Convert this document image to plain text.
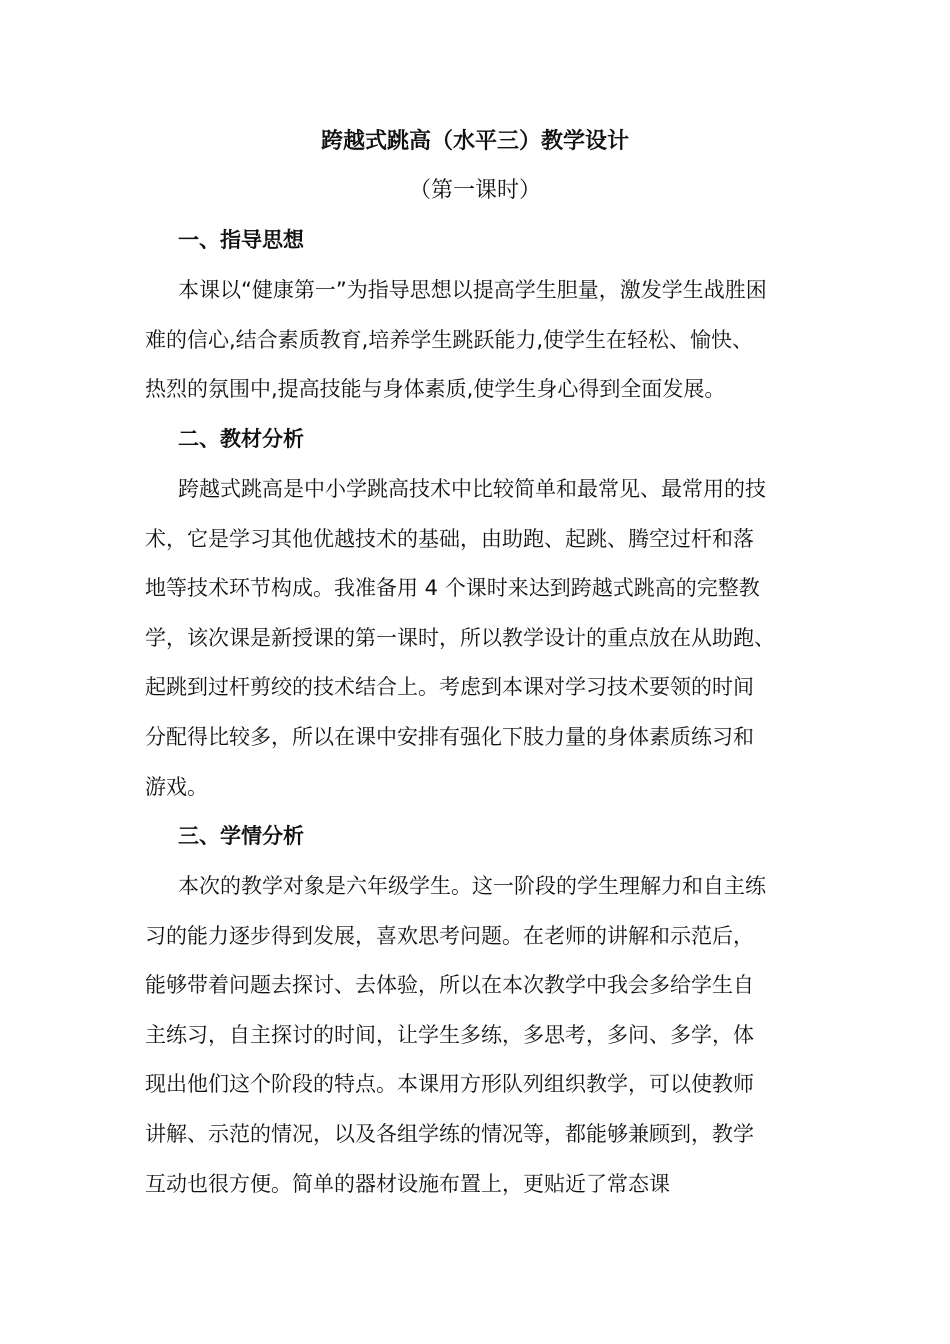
跨越式跳高（水平三）教学设计
（第一课时）
一、指导思想
本课以“健康第一”为指导思想以提高学生胆量，激发学生战胜困
难的信心,结合素质教育,培养学生跳跃能力,使学生在轻松、愉快、
热烈的氛围中,提高技能与身体素质,使学生身心得到全面发展。
二、教材分析
跨越式跳高是中小学跳高技术中比较简单和最常见、最常用的技
术，它是学习其他优越技术的基础，由助跑、起跳、腾空过杆和落
地等技术环节构成。我准备用 4 个课时来达到跨越式跳高的完整教
学，该次课是新授课的第一课时，所以教学设计的重点放在从助跑、
起跳到过杆剪绞的技术结合上。考虑到本课对学习技术要领的时间
分配得比较多，所以在课中安排有强化下肢力量的身体素质练习和
游戏。
三、学情分析
本次的教学对象是六年级学生。这一阶段的学生理解力和自主练
习的能力逐步得到发展，喜欢思考问题。在老师的讲解和示范后，
能够带着问题去探讨、去体验，所以在本次教学中我会多给学生自
主练习，自主探讨的时间，让学生多练，多思考，多问、多学，体
现出他们这个阶段的特点。本课用方形队列组织教学，可以使教师
讲解、示范的情况，以及各组学练的情况等，都能够兼顾到，教学
互动也很方便。简单的器材设施布置上，更贴近了常态课
